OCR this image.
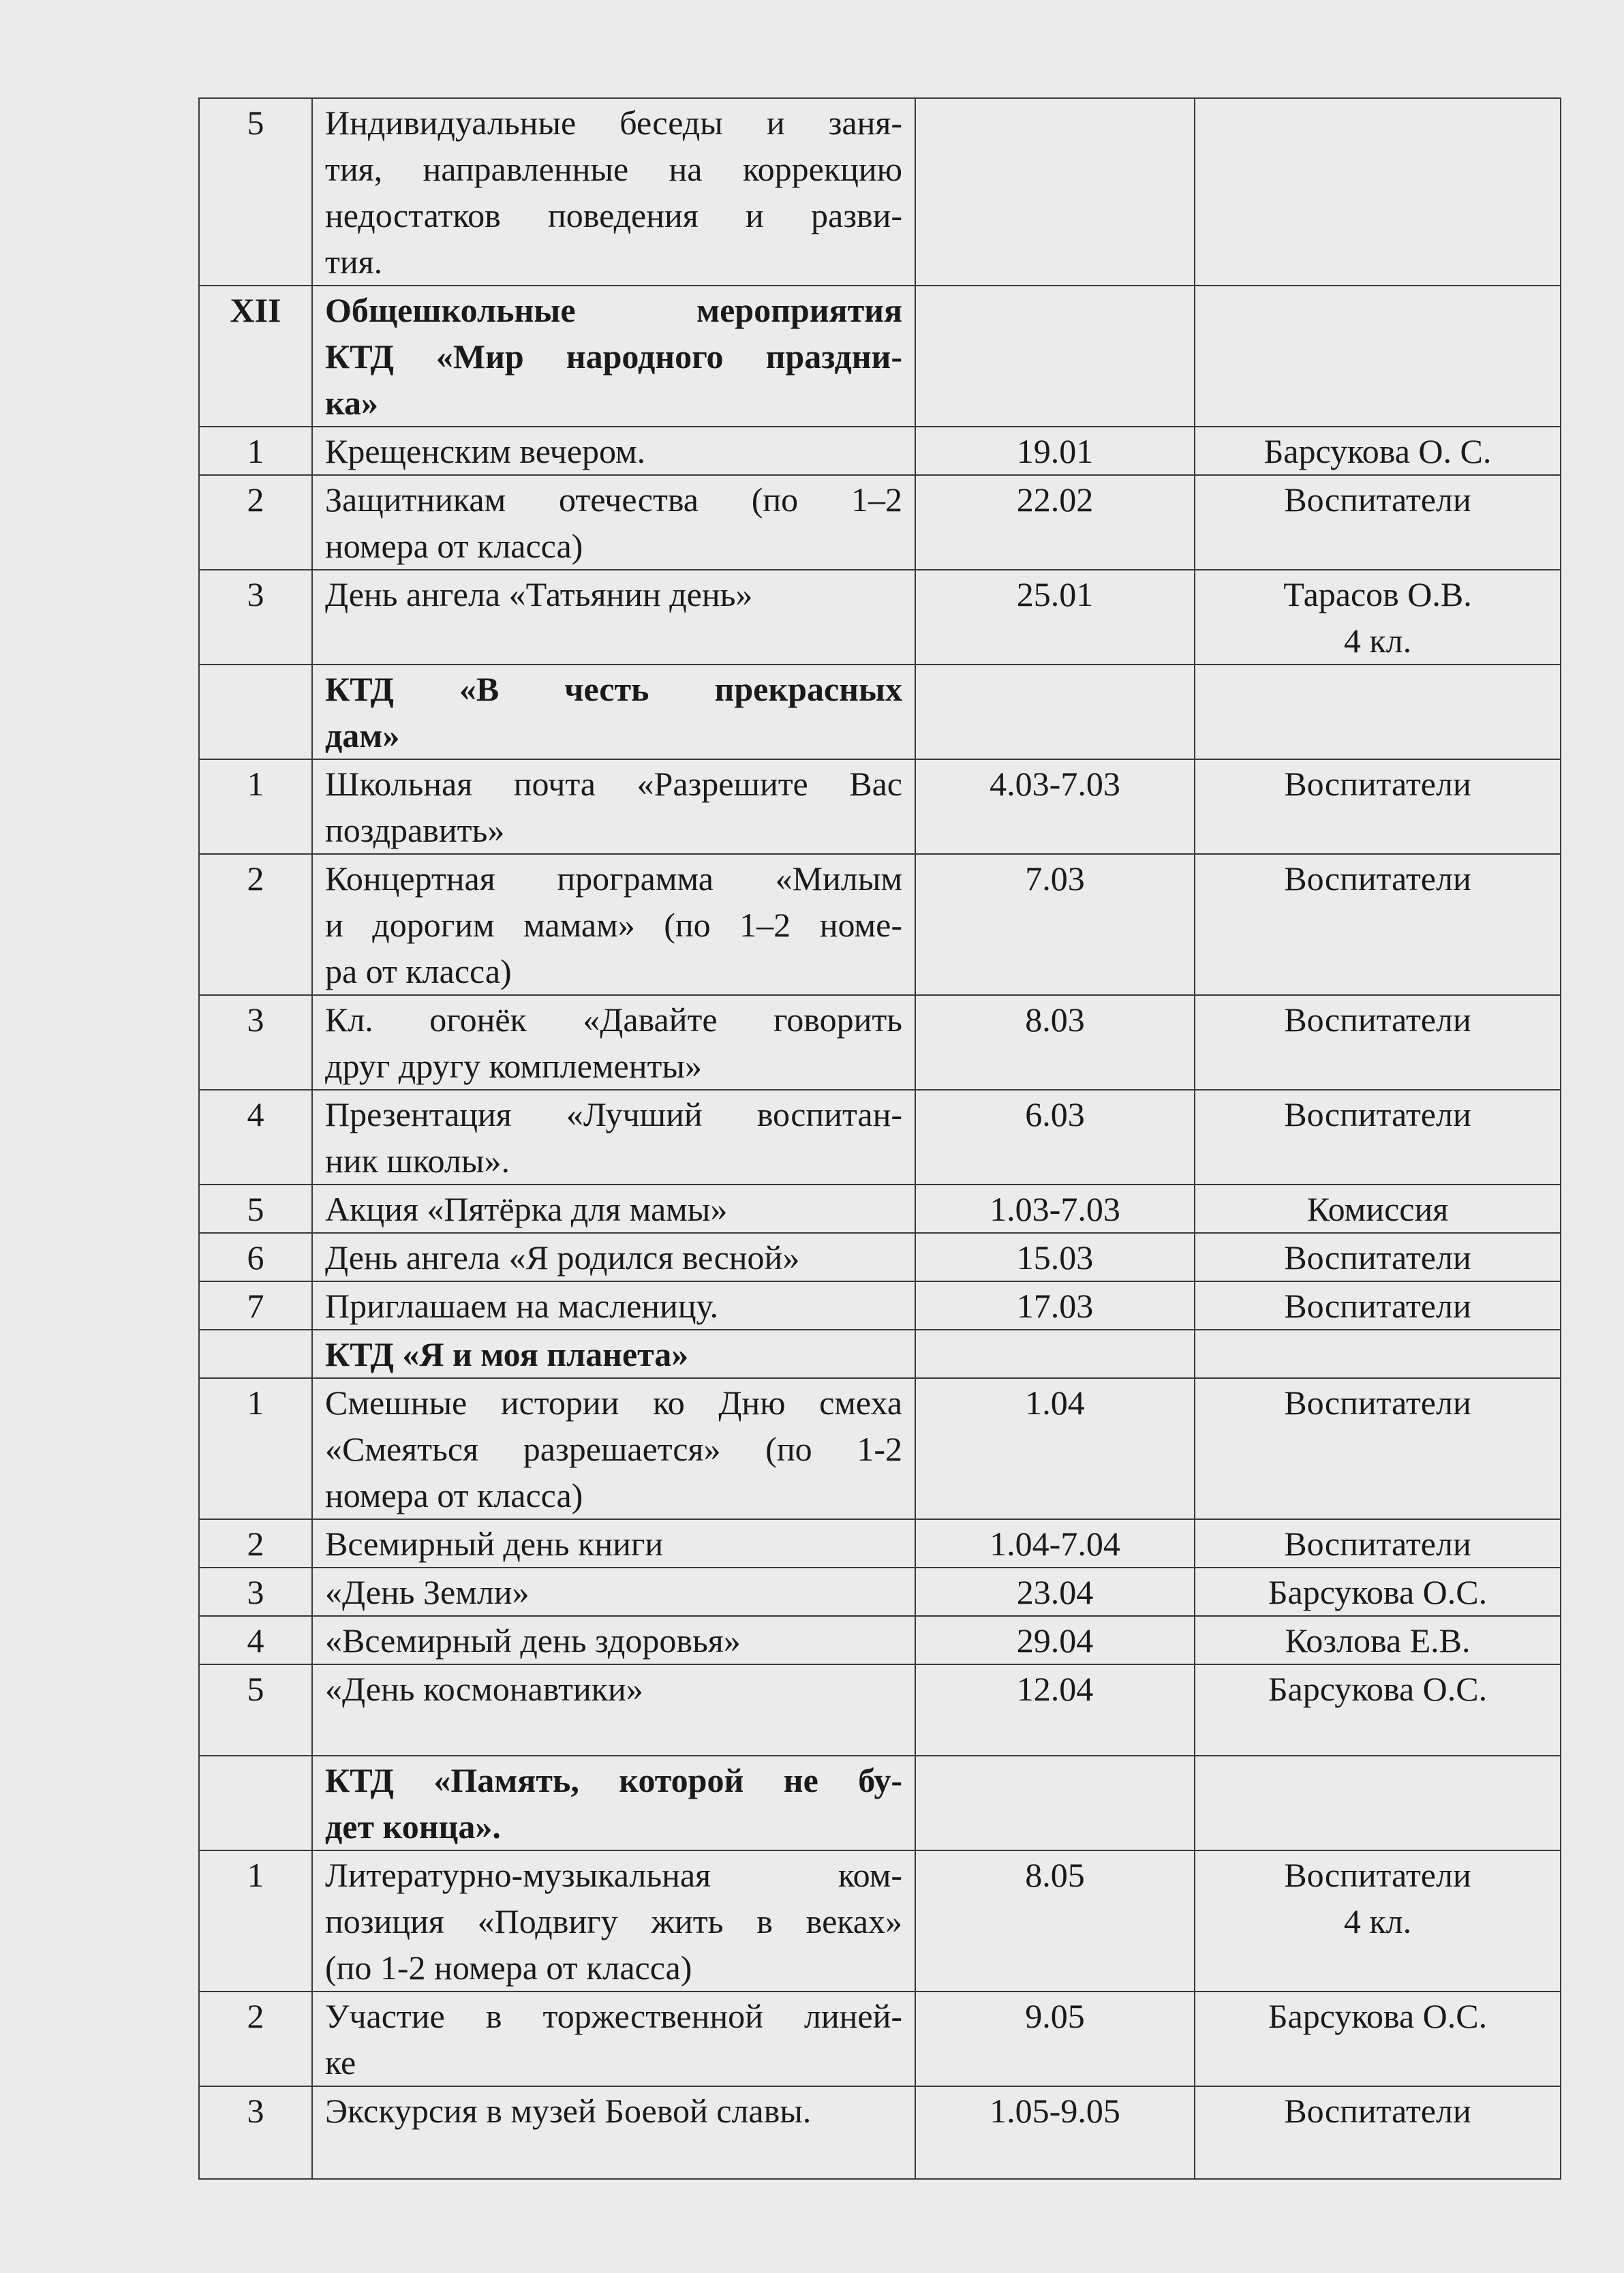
5	Индивидуальные беседы и заня-
тия, направленные на коррекцию
недостатков поведения и разви-
тия.		

XII	Общешкольные мероприятия
КТД «Мир народного праздни-
ка»		

1	Крещенским вечером.	19.01	Барсукова О. С.

2	Защитникам отечества (по 1–2
номера от класса)	22.02	Воспитатели

3	День ангела «Татьянин день»	25.01	Тарасов О.В.
4 кл.

	КТД «В честь прекрасных
дам»		

1	Школьная почта «Разрешите Вас
поздравить»	4.03-7.03	Воспитатели

2	Концертная программа «Милым
и дорогим мамам» (по 1–2 номе-
ра от класса)	7.03	Воспитатели

3	Кл. огонёк «Давайте говорить
друг другу комплементы»	8.03	Воспитатели

4	Презентация «Лучший воспитан-
ник школы».	6.03	Воспитатели

5	Акция «Пятёрка для мамы»	1.03-7.03	Комиссия

6	День ангела «Я родился весной»	15.03	Воспитатели

7	Приглашаем на масленицу.	17.03	Воспитатели

	КТД «Я и моя планета»		

1	Смешные истории ко Дню смеха
«Смеяться разрешается» (по 1-2
номера от класса)	1.04	Воспитатели

2	Всемирный день книги	1.04-7.04	Воспитатели

3	«День Земли»	23.04	Барсукова О.С.

4	«Всемирный день здоровья»	29.04	Козлова Е.В.

5	«День космонавтики»	12.04	Барсукова О.С.

	КТД «Память, которой не бу-
дет конца».		

1	Литературно-музыкальная ком-
позиция «Подвигу жить в веках»
(по 1-2 номера от класса)	8.05	Воспитатели
4 кл.

2	Участие в торжественной линей-
ке	9.05	Барсукова О.С.

3	Экскурсия в музей Боевой славы.	1.05-9.05	Воспитатели
